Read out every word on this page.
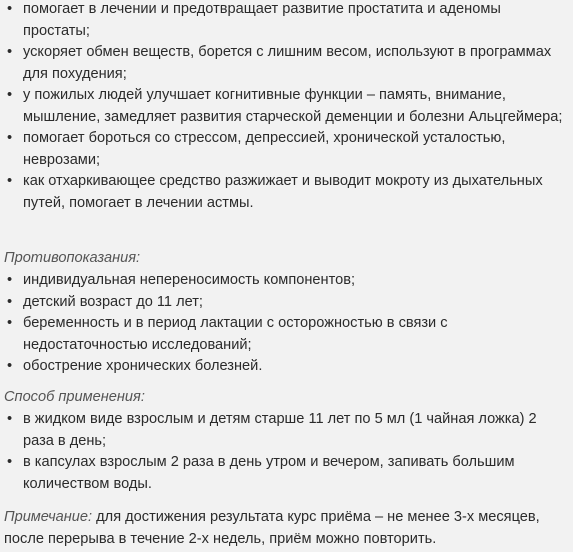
• помогает в лечении и предотвращает развитие простатита и аденомы простаты;
• ускоряет обмен веществ, борется с лишним весом, используют в программах для похудения;
• у пожилых людей улучшает когнитивные функции – память, внимание, мышление, замедляет развития старческой деменции и болезни Альцгеймера;
• помогает бороться со стрессом, депрессией, хронической усталостью, неврозами;
• как отхаркивающее средство разжижает и выводит мокроту из дыхательных путей, помогает в лечении астмы.
Противопоказания:
• индивидуальная непереносимость компонентов;
• детский возраст до 11 лет;
• беременность и в период лактации с осторожностью в связи с недостаточностью исследований;
• обострение хронических болезней.
Способ применения:
• в жидком виде взрослым и детям старше 11 лет по 5 мл (1 чайная ложка) 2 раза в день;
• в капсулах взрослым 2 раза в день утром и вечером, запивать большим количеством воды.

Примечание: для достижения результата курс приёма – не менее 3-х месяцев, после перерыва в течение 2-х недель, приём можно повторить.
